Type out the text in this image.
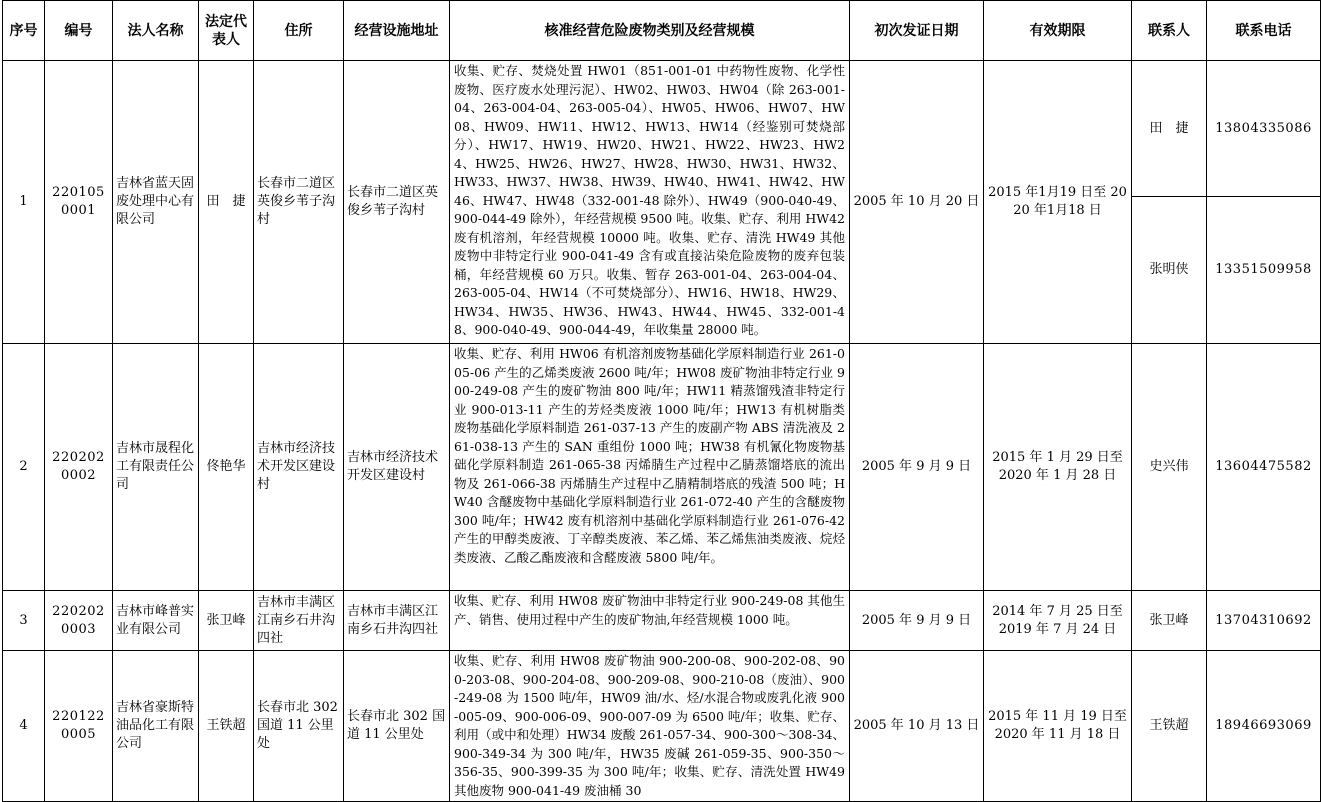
序号	编号	法人名称	法定代表人	住所	经营设施地址	核准经营危险废物类别及经营规模	初次发证日期	有效期限	联系人	联系电话
1	2201050001	吉林省蓝天固废处理中心有限公司	田　捷	长春市二道区英俊乡苇子沟村	长春市二道区英俊乡苇子沟村	收集、贮存、焚烧处置 HW01（851-001-01 中药物性废物、化学性废物、医疗废水处理污泥）、HW02、HW03、HW04（除 263-001-04、263-004-04、263-005-04）、HW05、HW06、HW07、HW08、HW09、HW11、HW12、HW13、HW14（经鉴别可焚烧部分）、HW17、HW19、HW20、HW21、HW22、HW23、HW24、HW25、HW26、HW27、HW28、HW30、HW31、HW32、HW33、HW37、HW38、HW39、HW40、HW41、HW42、HW46、HW47、HW48（332-001-48 除外）、HW49（900-040-49、900-044-49 除外），年经营规模 9500 吨。收集、贮存、利用 HW42 废有机溶剂，年经营规模 10000 吨。收集、贮存、清洗 HW49 其他废物中非特定行业 900-041-49 含有或直接沾染危险废物的废弃包装桶，年经营规模 60 万只。收集、暂存 263-001-04、263-004-04、263-005-04、HW14（不可焚烧部分）、HW16、HW18、HW29、HW34、HW35、HW36、HW43、HW44、HW45、332-001-48、900-040-49、900-044-49，年收集量 28000 吨。	2005 年 10 月 20 日	2015 年1月19 日至 2020 年1月18 日	田　捷	13804335086
									张明侠	13351509958
2	2202020002	吉林市晟程化工有限责任公司	佟艳华	吉林市经济技术开发区建设村	吉林市经济技术开发区建设村	收集、贮存、利用 HW06 有机溶剂废物基础化学原料制造行业 261-005-06 产生的乙烯类废液 2600 吨/年；HW08 废矿物油非特定行业 900-249-08 产生的废矿物油 800 吨/年；HW11 精蒸馏残渣非特定行业 900-013-11 产生的芳烃类废液 1000 吨/年；HW13 有机树脂类废物基础化学原料制造 261-037-13 产生的废副产物 ABS 清洗液及 261-038-13 产生的 SAN 重组份 1000 吨；HW38 有机氰化物废物基础化学原料制造 261-065-38 丙烯腈生产过程中乙腈蒸馏塔底的流出物及 261-066-38 丙烯腈生产过程中乙腈精制塔底的残渣 500 吨；HW40 含醚废物中基础化学原料制造行业 261-072-40 产生的含醚废物 300 吨/年；HW42 废有机溶剂中基础化学原料制造行业 261-076-42 产生的甲醇类废液、丁辛醇类废液、苯乙烯、苯乙烯焦油类废液、烷烃类废液、乙酸乙酯废液和含醛废液 5800 吨/年。	2005 年 9 月 9 日	2015 年 1 月 29 日至 2020 年 1 月 28 日	史兴伟	13604475582
3	2202020003	吉林市峰普实业有限公司	张卫峰	吉林市丰满区江南乡石井沟四社	吉林市丰满区江南乡石井沟四社	收集、贮存、利用 HW08 废矿物油中非特定行业 900-249-08 其他生产、销售、使用过程中产生的废矿物油,年经营规模 1000 吨。	2005 年 9 月 9 日	2014 年 7 月 25 日至 2019 年 7 月 24 日	张卫峰	13704310692
4	2201220005	吉林省豪斯特油品化工有限公司	王铁超	长春市北 302 国道 11 公里处	长春市北 302 国道 11 公里处	收集、贮存、利用 HW08 废矿物油 900-200-08、900-202-08、900-203-08、900-204-08、900-209-08、900-210-08（废油）、900-249-08 为 1500 吨/年，HW09 油/水、烃/水混合物或废乳化液 900-005-09、900-006-09、900-007-09 为 6500 吨/年；收集、贮存、利用（或中和处理）HW34 废酸 261-057-34、900-300～308-34、900-349-34 为 300 吨/年，HW35 废碱 261-059-35、900-350～356-35、900-399-35 为 300 吨/年；收集、贮存、清洗处置 HW49 其他废物 900-041-49 废油桶 30	2005 年 10 月 13 日	2015 年 11 月 19 日至 2020 年 11 月 18 日	王铁超	18946693069
